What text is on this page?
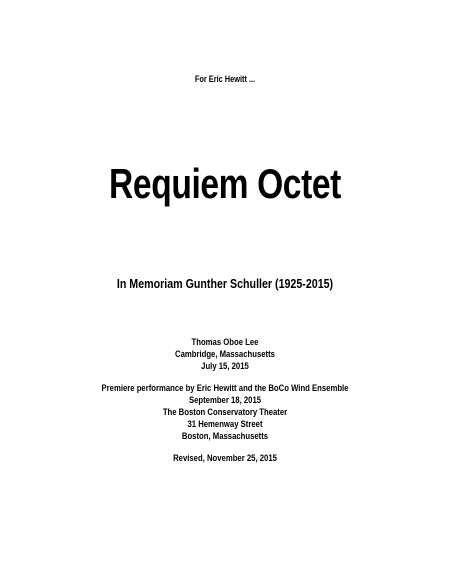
For Eric Hewitt ...
Requiem Octet
In Memoriam Gunther Schuller (1925-2015)
Thomas Oboe Lee
Cambridge, Massachusetts
July 15, 2015
Premiere performance by Eric Hewitt and the BoCo Wind Ensemble
September 18, 2015
The Boston Conservatory Theater
31 Hemenway Street
Boston, Massachusetts
Revised, November 25, 2015
